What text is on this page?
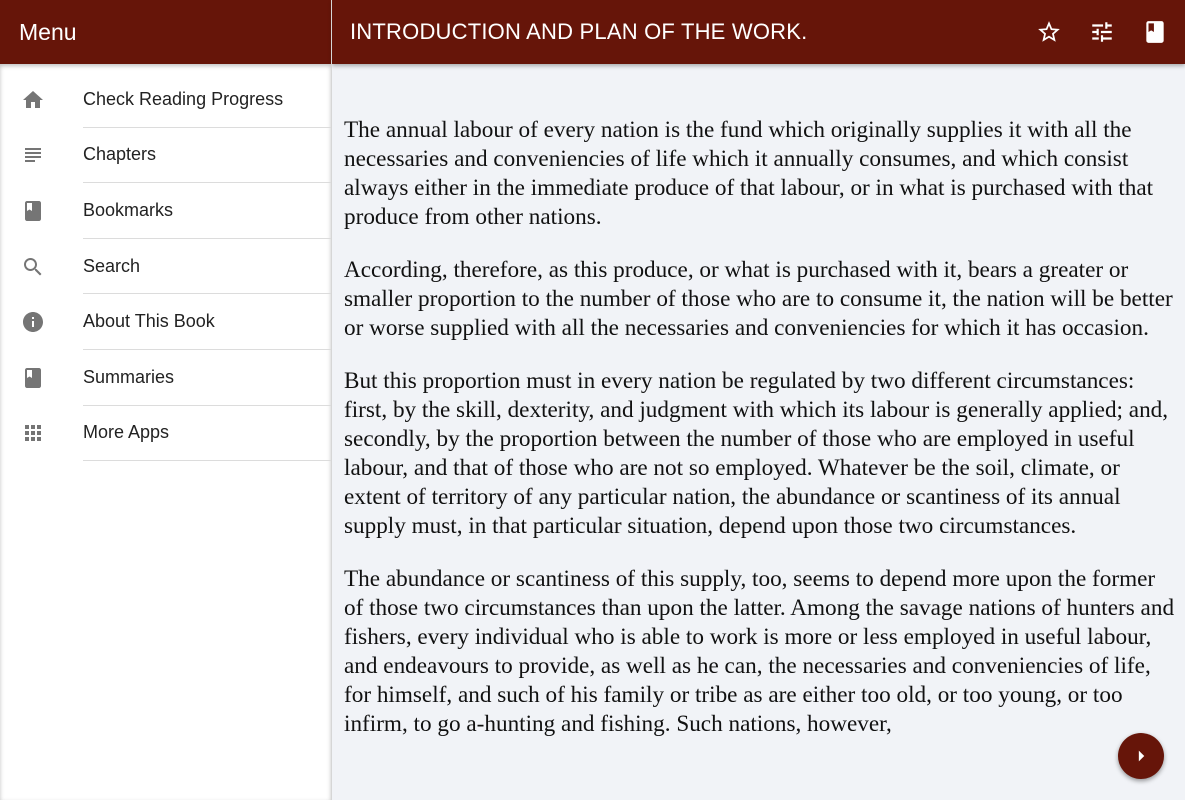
Menu	INTRODUCTION AND PLAN OF THE WORK.
Check Reading Progress
Chapters
Bookmarks
Search
About This Book
Summaries
More Apps

The annual labour of every nation is the fund which originally supplies it with all the necessaries and conveniencies of life which it annually consumes, and which consist always either in the immediate produce of that labour, or in what is purchased with that produce from other nations.

According, therefore, as this produce, or what is purchased with it, bears a greater or smaller proportion to the number of those who are to consume it, the nation will be better or worse supplied with all the necessaries and conveniencies for which it has occasion.

But this proportion must in every nation be regulated by two different circumstances: first, by the skill, dexterity, and judgment with which its labour is generally applied; and, secondly, by the proportion between the number of those who are employed in useful labour, and that of those who are not so employed. Whatever be the soil, climate, or extent of territory of any particular nation, the abundance or scantiness of its annual supply must, in that particular situation, depend upon those two circumstances.

The abundance or scantiness of this supply, too, seems to depend more upon the former of those two circumstances than upon the latter. Among the savage nations of hunters and fishers, every individual who is able to work is more or less employed in useful labour, and endeavours to provide, as well as he can, the necessaries and conveniencies of life, for himself, and such of his family or tribe as are either too old, or too young, or too infirm, to go a-hunting and fishing. Such nations, however,
